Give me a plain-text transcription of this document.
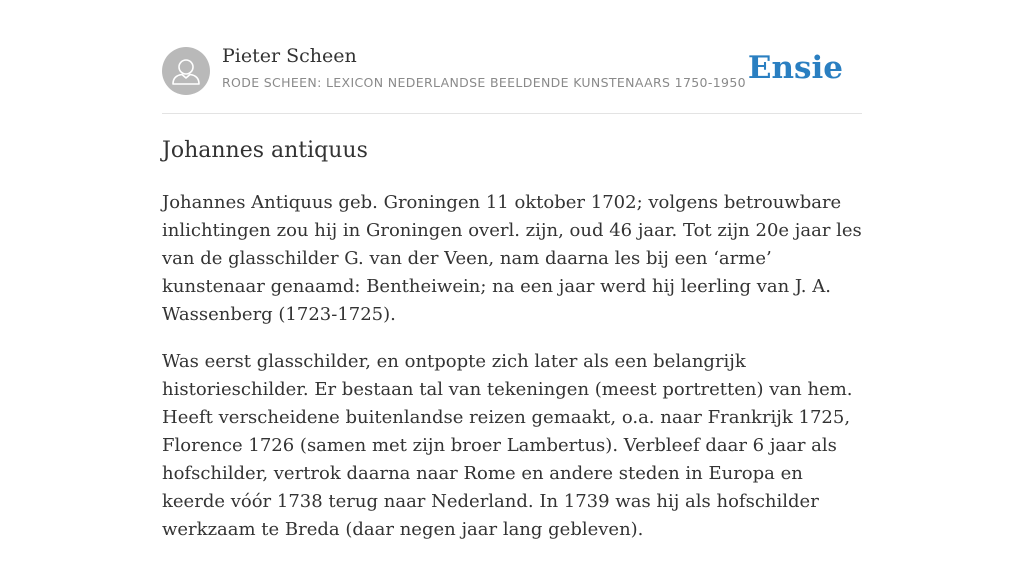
Pieter Scheen
RODE SCHEEN: LEXICON NEDERLANDSE BEELDENDE KUNSTENAARS 1750-1950 Ensie
Johannes antiquus

Johannes Antiquus geb. Groningen 11 oktober 1702; volgens betrouwbare inlichtingen zou hij in Groningen overl. zijn, oud 46 jaar. Tot zijn 20e jaar les van de glasschilder G. van der Veen, nam daarna les bij een ‘arme’ kunstenaar genaamd: Bentheiwein; na een jaar werd hij leerling van J. A. Wassenberg (1723-1725).

Was eerst glasschilder, en ontpopte zich later als een belangrijk historieschilder. Er bestaan tal van tekeningen (meest portretten) van hem. Heeft verscheidene buitenlandse reizen gemaakt, o.a. naar Frankrijk 1725, Florence 1726 (samen met zijn broer Lambertus). Verbleef daar 6 jaar als hofschilder, vertrok daarna naar Rome en andere steden in Europa en keerde vóór 1738 terug naar Nederland. In 1739 was hij als hofschilder werkzaam te Breda (daar negen jaar lang gebleven).
